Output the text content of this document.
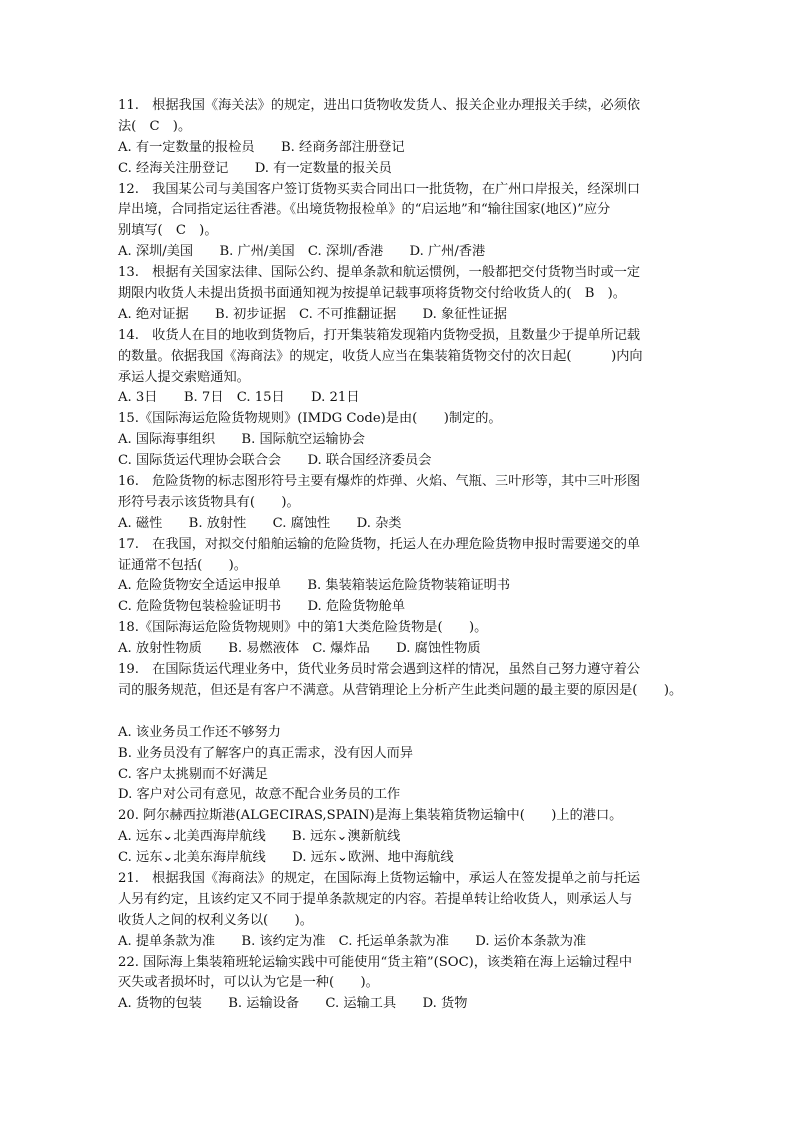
11.　根据我国《海关法》的规定，进出口货物收发货人、报关企业办理报关手续，必须依
法(　C　)。
A. 有一定数量的报检员　　B. 经商务部注册登记
C. 经海关注册登记　　D. 有一定数量的报关员
12.　我国某公司与美国客户签订货物买卖合同出口一批货物，在广州口岸报关，经深圳口
岸出境，合同指定运往香港。《出境货物报检单》的“启运地”和“输往国家(地区)”应分
别填写(　C　)。
A. 深圳/美国　　B. 广州/美国　C. 深圳/香港　　D. 广州/香港
13.　根据有关国家法律、国际公约、提单条款和航运惯例，一般都把交付货物当时或一定
期限内收货人未提出货损书面通知视为按提单记载事项将货物交付给收货人的(　B　)。
A. 绝对证据　　B. 初步证据　C. 不可推翻证据　　D. 象征性证据
14.　收货人在目的地收到货物后，打开集装箱发现箱内货物受损，且数量少于提单所记载
的数量。依据我国《海商法》的规定，收货人应当在集装箱货物交付的次日起(　　　)内向
承运人提交索赔通知。
A. 3日　　B. 7日　C. 15日　　D. 21日
15.《国际海运危险货物规则》(IMDG Code)是由(　　)制定的。
A. 国际海事组织　　B. 国际航空运输协会
C. 国际货运代理协会联合会　　D. 联合国经济委员会
16.　危险货物的标志图形符号主要有爆炸的炸弹、火焰、气瓶、三叶形等，其中三叶形图
形符号表示该货物具有(　　)。
A. 磁性　　B. 放射性　　C. 腐蚀性　　D. 杂类
17.　在我国，对拟交付船舶运输的危险货物，托运人在办理危险货物申报时需要递交的单
证通常不包括(　　)。
A. 危险货物安全适运申报单　　B. 集装箱装运危险货物装箱证明书
C. 危险货物包装检验证明书　　D. 危险货物舱单
18.《国际海运危险货物规则》中的第1大类危险货物是(　　)。
A. 放射性物质　　B. 易燃液体　C. 爆炸品　　D. 腐蚀性物质
19.　在国际货运代理业务中，货代业务员时常会遇到这样的情况，虽然自己努力遵守着公
司的服务规范，但还是有客户不满意。从营销理论上分析产生此类问题的最主要的原因是(　　)。
A. 该业务员工作还不够努力
B. 业务员没有了解客户的真正需求，没有因人而异
C. 客户太挑剔而不好满足
D. 客户对公司有意见，故意不配合业务员的工作
20. 阿尔赫西拉斯港(ALGECIRAS,SPAIN)是海上集装箱货物运输中(　　)上的港口。
A. 远东⌄北美西海岸航线　　B. 远东⌄澳新航线
C. 远东⌄北美东海岸航线　　D. 远东⌄欧洲、地中海航线
21.　根据我国《海商法》的规定，在国际海上货物运输中，承运人在签发提单之前与托运
人另有约定，且该约定又不同于提单条款规定的内容。若提单转让给收货人，则承运人与
收货人之间的权利义务以(　　)。
A. 提单条款为准　　B. 该约定为准　C. 托运单条款为准　　D. 运价本条款为准
22. 国际海上集装箱班轮运输实践中可能使用“货主箱”(SOC)，该类箱在海上运输过程中
灭失或者损坏时，可以认为它是一种(　　)。
A. 货物的包装　　B. 运输设备　　C. 运输工具　　D. 货物
